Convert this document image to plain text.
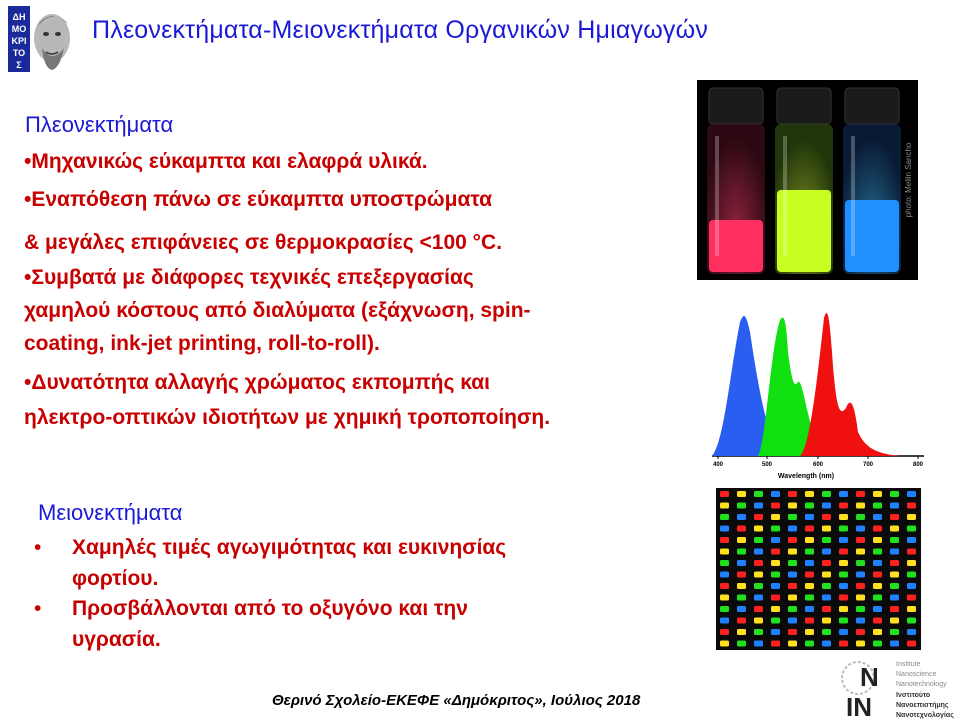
ΔΗ
ΜΟ
ΚΡΙ
ΤΟ
Σ
Πλεονεκτήματα-Μειονεκτήματα Οργανικών Ημιαγωγών
Πλεονεκτήματα
•Μηχανικώς εύκαμπτα και ελαφρά υλικά.
•Εναπόθεση πάνω σε εύκαμπτα υποστρώματα
& μεγάλες επιφάνειες σε θερμοκρασίες <100 °C.
•Συμβατά με διάφορες τεχνικές επεξεργασίας
χαμηλού κόστους από διαλύματα (εξάχνωση, spin-
coating, ink-jet printing, roll-to-roll).
•Δυνατότητα αλλαγής χρώματος εκπομπής και
ηλεκτρο-οπτικών ιδιοτήτων με χημική τροποποίηση.
Μειονεκτήματα
• Χαμηλές τιμές αγωγιμότητας και ευκινησίας
φορτίου.
• Προσβάλλονται από το οξυγόνο και την
υγρασία.
photo: Mellin Sancho
400	500	600	700	800
Wavelength (nm)
N
IN
Institute
Nanoscience
Nanotechnology
Ινστιτούτο
Νανοεπιστήμης
Νανοτεχνολογίας
Θερινό Σχολείο-ΕΚΕΦΕ «Δημόκριτος», Ιούλιος 2018
